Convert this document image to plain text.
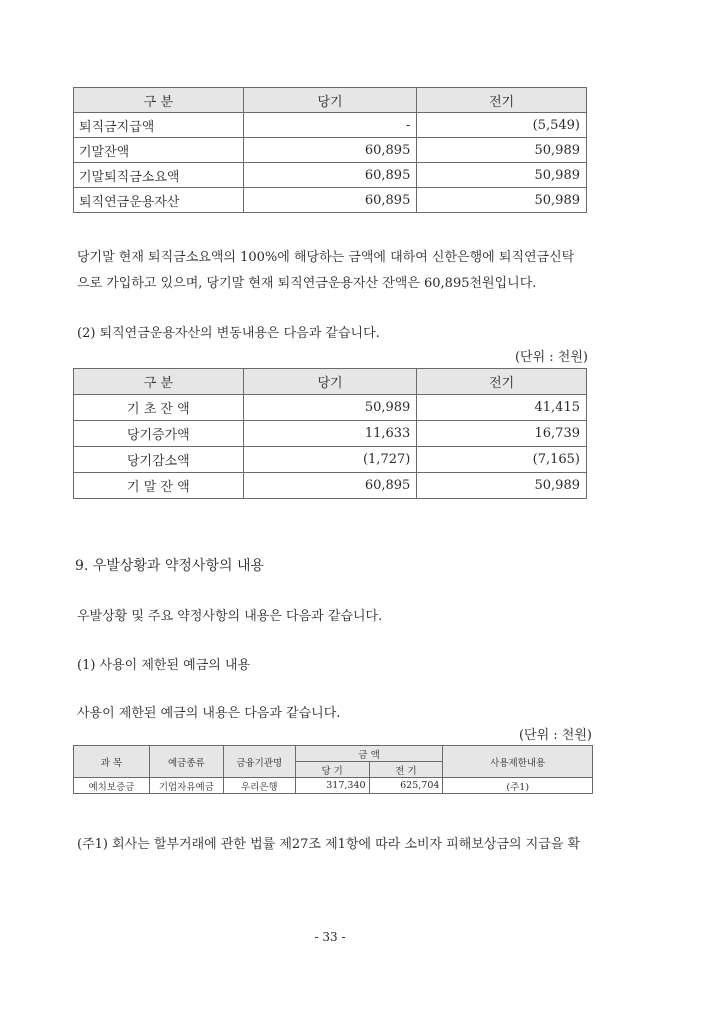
구 분	당기	전기
퇴직금지급액	-	(5,549)
기말잔액	60,895	50,989
기말퇴직금소요액	60,895	50,989
퇴직연금운용자산	60,895	50,989
당기말 현재 퇴직금소요액의 100%에 해당하는 금액에 대하여 신한은행에 퇴직연금신탁
으로 가입하고 있으며, 당기말 현재 퇴직연금운용자산 잔액은 60,895천원입니다.
(2) 퇴직연금운용자산의 변동내용은 다음과 같습니다.
(단위 : 천원)
구 분	당기	전기
기 초 잔 액	50,989	41,415
당기증가액	11,633	16,739
당기감소액	(1,727)	(7,165)
기 말 잔 액	60,895	50,989
9. 우발상황과 약정사항의 내용
우발상황 및 주요 약정사항의 내용은 다음과 같습니다.
(1) 사용이 제한된 예금의 내용
사용이 제한된 예금의 내용은 다음과 같습니다.
(단위 : 천원)
과 목	예금종류	금융기관명	금 액		사용제한내용
			당 기	전 기	
예치보증금	기업자유예금	우리은행	317,340	625,704	(주1)
(주1) 회사는 할부거래에 관한 법률 제27조 제1항에 따라 소비자 피해보상금의 지급을 확
- 33 -
